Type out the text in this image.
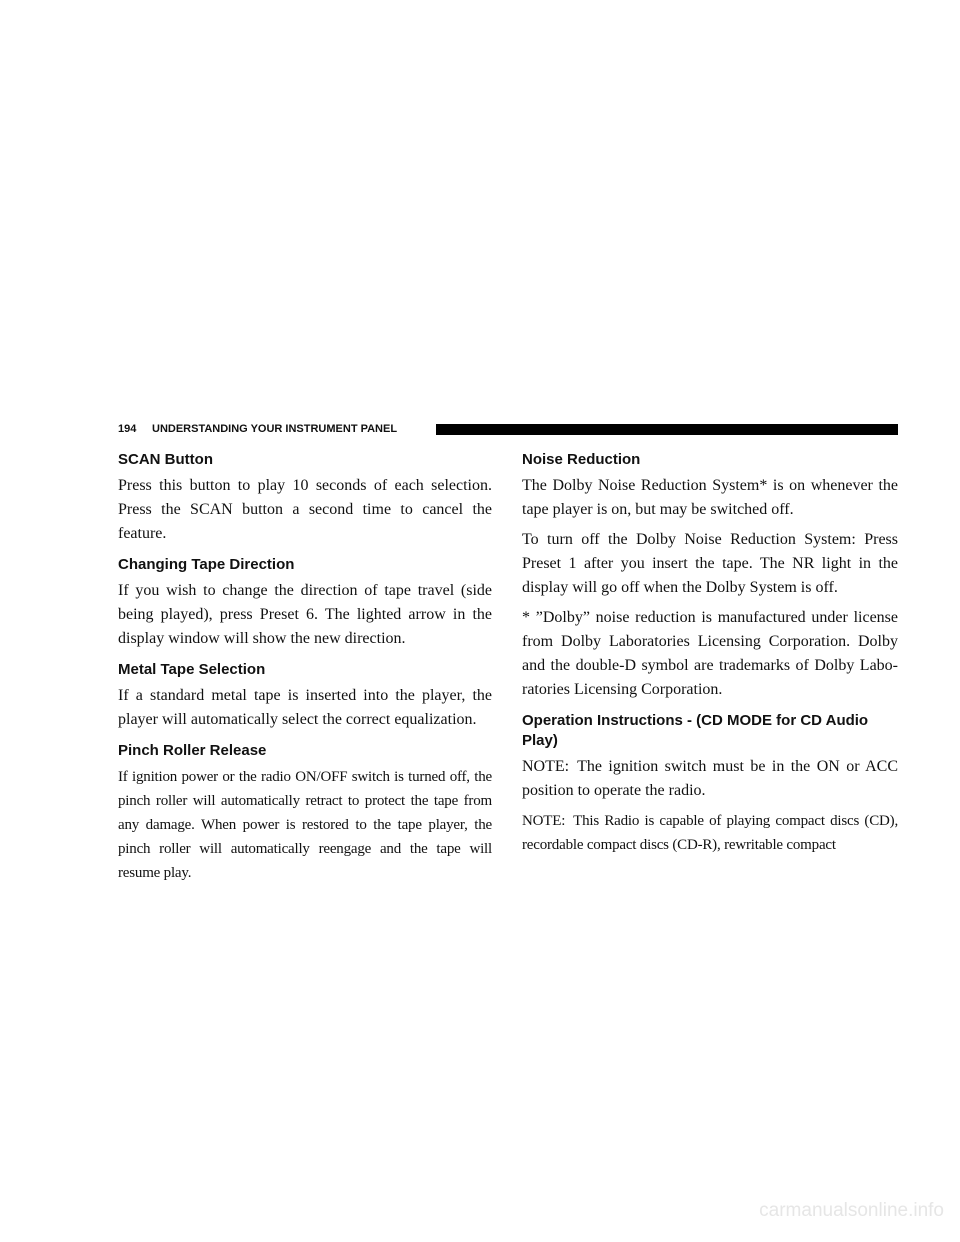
194 UNDERSTANDING YOUR INSTRUMENT PANEL
SCAN Button

Press this button to play 10 seconds of each selection. Press the SCAN button a second time to cancel the feature.

Changing Tape Direction

If you wish to change the direction of tape travel (side being played), press Preset 6. The lighted arrow in the display window will show the new direction.

Metal Tape Selection

If a standard metal tape is inserted into the player, the player will automatically select the correct equalization.

Pinch Roller Release

If ignition power or the radio ON/OFF switch is turned off, the pinch roller will automatically retract to protect the tape from any damage. When power is restored to the tape player, the pinch roller will automatically reengage and the tape will resume play.

Noise Reduction

The Dolby Noise Reduction System* is on whenever the tape player is on, but may be switched off.

To turn off the Dolby Noise Reduction System: Press Preset 1 after you insert the tape. The NR light in the display will go off when the Dolby System is off.

* ”Dolby” noise reduction is manufactured under license from Dolby Laboratories Licensing Corporation. Dolby and the double-D symbol are trademarks of Dolby Labo-ratories Licensing Corporation.

Operation Instructions - (CD MODE for CD Audio Play)

NOTE: The ignition switch must be in the ON or ACC position to operate the radio.

NOTE: This Radio is capable of playing compact discs (CD), recordable compact discs (CD-R), rewritable compact

carmanualsonline.info
